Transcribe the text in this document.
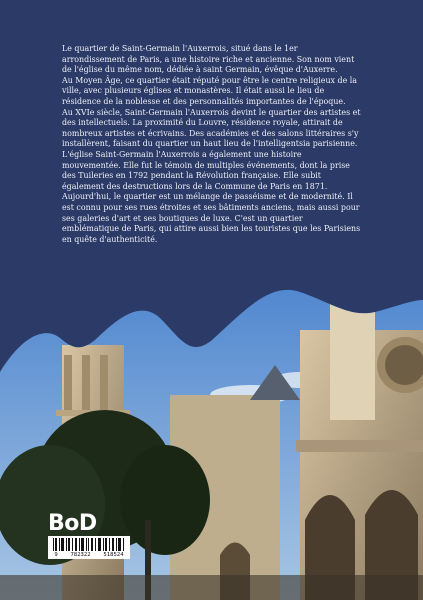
Le quartier de Saint-Germain l'Auxerrois, situé dans le 1er arrondissement de Paris, a une histoire riche et ancienne. Son nom vient de l'église du même nom, dédiée à saint Germain, évêque d'Auxerre.

Au Moyen Âge, ce quartier était réputé pour être le centre religieux de la ville, avec plusieurs églises et monastères. Il était aussi le lieu de résidence de la noblesse et des personnalités importantes de l'époque.

Au XVIe siècle, Saint-Germain l'Auxerrois devint le quartier des artistes et des intellectuels. La proximité du Louvre, résidence royale, attirait de nombreux artistes et écrivains. Des académies et des salons littéraires s'y installèrent, faisant du quartier un haut lieu de l'intelligentsia parisienne.

L'église Saint-Germain l'Auxerrois a également une histoire mouvementée. Elle fut le témoin de multiples événements, dont la prise des Tuileries en 1792 pendant la Révolution française. Elle subit également des destructions lors de la Commune de Paris en 1871.

Aujourd'hui, le quartier est un mélange de passéisme et de modernité. Il est connu pour ses rues étroites et ses bâtiments anciens, mais aussi pour ses galeries d'art et ses boutiques de luxe. C'est un quartier emblématique de Paris, qui attire aussi bien les touristes que les Parisiens en quête d'authenticité.

BoD
9 782322 518524
